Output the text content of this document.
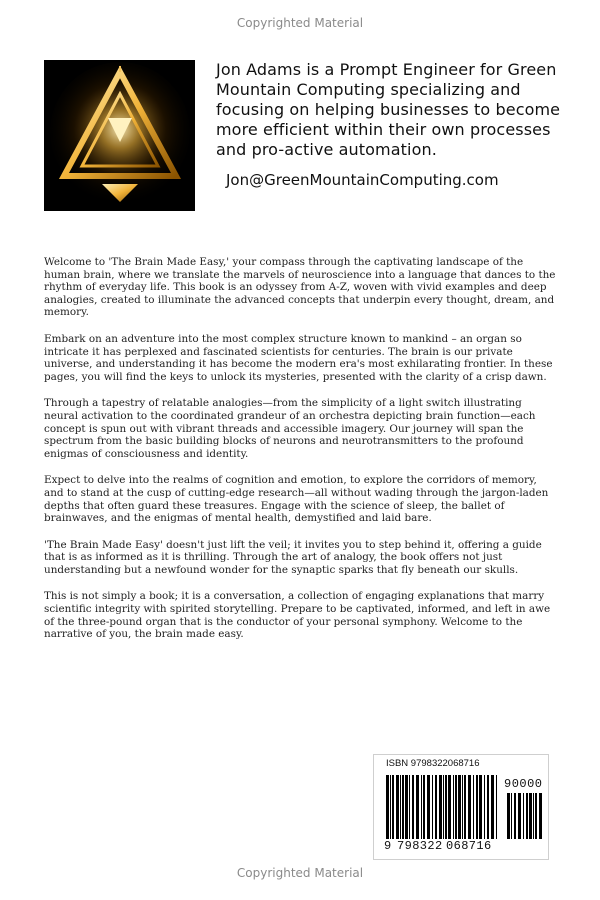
Copyrighted Material
Jon Adams is a Prompt Engineer for Green Mountain Computing specializing and focusing on helping businesses to become more efficient within their own processes and pro-active automation.
Jon@GreenMountainComputing.com

Welcome to 'The Brain Made Easy,' your compass through the captivating landscape of the human brain, where we translate the marvels of neuroscience into a language that dances to the rhythm of everyday life. This book is an odyssey from A-Z, woven with vivid examples and deep analogies, created to illuminate the advanced concepts that underpin every thought, dream, and memory.

Embark on an adventure into the most complex structure known to mankind – an organ so intricate it has perplexed and fascinated scientists for centuries. The brain is our private universe, and understanding it has become the modern era's most exhilarating frontier. In these pages, you will find the keys to unlock its mysteries, presented with the clarity of a crisp dawn.

Through a tapestry of relatable analogies—from the simplicity of a light switch illustrating neural activation to the coordinated grandeur of an orchestra depicting brain function—each concept is spun out with vibrant threads and accessible imagery. Our journey will span the spectrum from the basic building blocks of neurons and neurotransmitters to the profound enigmas of consciousness and identity.

Expect to delve into the realms of cognition and emotion, to explore the corridors of memory, and to stand at the cusp of cutting-edge research—all without wading through the jargon-laden depths that often guard these treasures. Engage with the science of sleep, the ballet of brainwaves, and the enigmas of mental health, demystified and laid bare.

'The Brain Made Easy' doesn't just lift the veil; it invites you to step behind it, offering a guide that is as informed as it is thrilling. Through the art of analogy, the book offers not just understanding but a newfound wonder for the synaptic sparks that fly beneath our skulls.

This is not simply a book; it is a conversation, a collection of engaging explanations that marry scientific integrity with spirited storytelling. Prepare to be captivated, informed, and left in awe of the three-pound organ that is the conductor of your personal symphony. Welcome to the narrative of you, the brain made easy.

ISBN 9798322068716
90000
9 798322 068716
Copyrighted Material
